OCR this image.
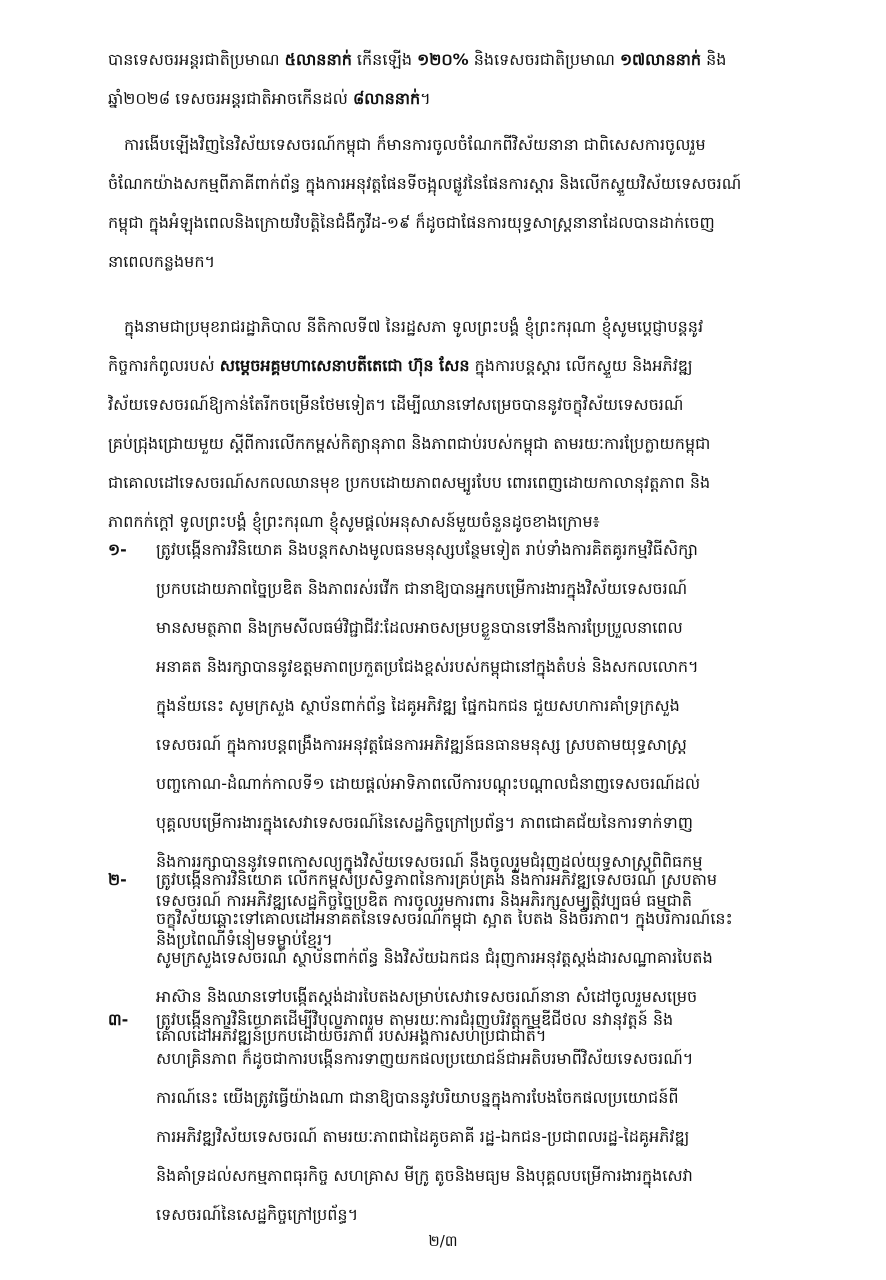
បានទេសចរអន្តរជាតិប្រមាណ ៥លាននាក់ កើនឡើង ១២០% និងទេសចរជាតិប្រមាណ ១៧លាននាក់ និង
ឆ្នាំ២០២៨ ទេសចរអន្តរជាតិអាចកើនដល់ ៨លាននាក់។
ការងើបឡើងវិញនៃវិស័យទេសចរណ៍កម្ពុជា ក៏មានការចូលចំណែកពីវិស័យនានា ជាពិសេសការចូលរួម
ចំណែកយ៉ាងសកម្មពីភាគីពាក់ព័ន្ធ ក្នុងការអនុវត្តផែនទីចង្អុលផ្លូវនៃផែនការស្តារ និងលើកស្ទួយវិស័យទេសចរណ៍
កម្ពុជា ក្នុងអំឡុងពេលនិងក្រោយវិបត្តិនៃជំងឺកូវីដ-១៩ ក៏ដូចជាផែនការយុទ្ធសាស្ត្រនានាដែលបានដាក់ចេញ
នាពេលកន្លងមក។
ក្នុងនាមជាប្រមុខរាជរដ្ឋាភិបាល នីតិកាលទី៧ នៃរដ្ឋសភា ទូលព្រះបង្គំ ខ្ញុំព្រះករុណា ខ្ញុំសូមប្តេជ្ញាបន្តនូវ
កិច្ចការកំពូលរបស់ សម្តេចអគ្គមហាសេនាបតីតេជោ ហ៊ុន សែន ក្នុងការបន្តស្តារ លើកស្ទួយ និងអភិវឌ្ឍ
វិស័យទេសចរណ៍ឱ្យកាន់តែរីកចម្រើនថែមទៀត។ ដើម្បីឈានទៅសម្រេចបាននូវចក្ខុវិស័យទេសចរណ៍
គ្រប់ជ្រុងជ្រោយមួយ ស្តីពីការលើកកម្ពស់កិត្យានុភាព និងភាពជាប់របស់កម្ពុជា តាមរយៈការប្រែក្លាយកម្ពុជា
ជាគោលដៅទេសចរណ៍សកលឈានមុខ ប្រកបដោយភាពសម្បូរបែប ពោរពេញដោយកាលានុវត្តភាព និង
ភាពកក់ក្តៅ ទូលព្រះបង្គំ ខ្ញុំព្រះករុណា ខ្ញុំសូមផ្តល់អនុសាសន៍មួយចំនួនដូចខាងក្រោម៖
១-	ត្រូវបង្កើនការវិនិយោគ និងបន្តកសាងមូលធនមនុស្សបន្ថែមទៀត រាប់ទាំងការគិតគូរកម្មវិធីសិក្សា
ប្រកបដោយភាពច្នៃប្រឌិត និងភាពរស់រវើក ជានាឱ្យបានអ្នកបម្រើការងារក្នុងវិស័យទេសចរណ៍
មានសមត្ថភាព និងក្រមសីលធម៌វិជ្ជាជីវៈដែលអាចសម្របខ្លួនបានទៅនឹងការប្រែប្រួលនាពេល
អនាគត និងរក្សាបាននូវឧត្តមភាពប្រកួតប្រជែងខ្ពស់របស់កម្ពុជានៅក្នុងតំបន់ និងសកលលោក។
ក្នុងន័យនេះ សូមក្រសួង ស្ថាប័នពាក់ព័ន្ធ ដៃគូអភិវឌ្ឍ ផ្នែកឯកជន ជួយសហការគាំទ្រក្រសួង
ទេសចរណ៍ ក្នុងការបន្តពង្រឹងការអនុវត្តផែនការអភិវឌ្ឍន៍ធនធានមនុស្ស ស្របតាមយុទ្ធសាស្ត្រ
បញ្ចកោណ-ដំណាក់កាលទី១ ដោយផ្តល់អាទិភាពលើការបណ្តុះបណ្តាលជំនាញទេសចរណ៍ដល់
បុគ្គលបម្រើការងារក្នុងសេវាទេសចរណ៍នៃសេដ្ឋកិច្ចក្រៅប្រព័ន្ធ។ ភាពជោគជ័យនៃការទាក់ទាញ
និងការរក្សាបាននូវទេពកោសល្យក្នុងវិស័យទេសចរណ៍ នឹងចូលរួមជំរុញដល់យុទ្ធសាស្ត្រពិពិធកម្ម
ទេសចរណ៍ ការអភិវឌ្ឍសេដ្ឋកិច្ចច្នៃប្រឌិត ការចូលរួមការពារ និងអភិរក្សសម្បត្តិវប្បធម៌ ធម្មជាតិ
និងប្រពៃណីទំនៀមទម្លាប់ខ្មែរ។
២-	ត្រូវបង្កើនការវិនិយោគ លើកកម្ពស់ប្រសិទ្ធភាពនៃការគ្រប់គ្រង និងការអភិវឌ្ឍទេសចរណ៍ ស្របតាម
ចក្ខុវិស័យឆ្ពោះទៅគោលដៅអនាគតនៃទេសចរណ៍កម្ពុជា ស្អាត បៃតង និងចីរភាព។ ក្នុងបរិការណ៍នេះ
សូមក្រសួងទេសចរណ៍ ស្ថាប័នពាក់ព័ន្ធ និងវិស័យឯកជន ជំរុញការអនុវត្តស្តង់ដារសណ្ឋាគារបៃតង
អាស៊ាន និងឈានទៅបង្កើតស្តង់ដារបៃតងសម្រាប់សេវាទេសចរណ៍នានា សំដៅចូលរួមសម្រេច
គោលដៅអភិវឌ្ឍន៍ប្រកបដោយចីរភាព របស់អង្គការសហប្រជាជាតិ។
៣-	ត្រូវបង្កើនការវិនិយោគដើម្បីវិបុលភាពរួម តាមរយៈការជំរុញបរិវត្តកម្មឌីជីថល នវានុវត្តន៍ និង
សហគ្រិនភាព ក៏ដូចជាការបង្កើនការទាញយកផលប្រយោជន៍ជាអតិបរមាពីវិស័យទេសចរណ៍។
ការណ៍នេះ យើងត្រូវធ្វើយ៉ាងណា ជានាឱ្យបាននូវបរិយាបន្នក្នុងការបែងចែកផលប្រយោជន៍ពី
ការអភិវឌ្ឍវិស័យទេសចរណ៍ តាមរយៈភាពជាដៃគូចគាគី រដ្ឋ-ឯកជន-ប្រជាពលរដ្ឋ-ដៃគូអភិវឌ្ឍ
និងគាំទ្រដល់សកម្មភាពធុរកិច្ច សហគ្រាស មីក្រូ តូចនិងមធ្យម និងបុគ្គលបម្រើការងារក្នុងសេវា
ទេសចរណ៍នៃសេដ្ឋកិច្ចក្រៅប្រព័ន្ធ។
២/៣
